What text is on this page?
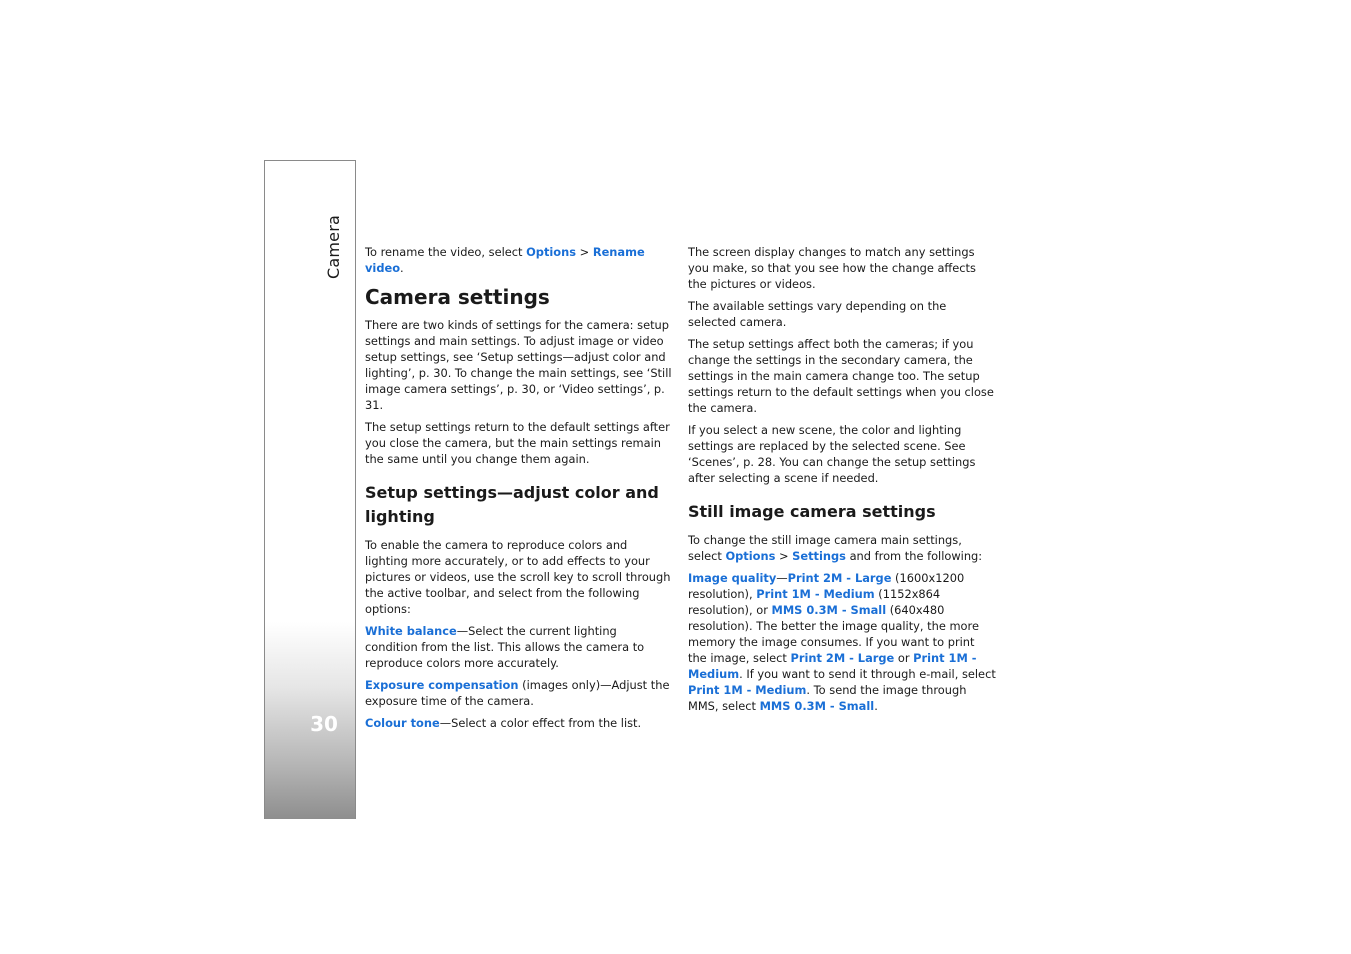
Camera
30

To rename the video, select Options > Rename video.

Camera settings

There are two kinds of settings for the camera: setup settings and main settings. To adjust image or video setup settings, see ‘Setup settings—adjust color and lighting’, p. 30. To change the main settings, see ‘Still image camera settings’, p. 30, or ‘Video settings’, p. 31.

The setup settings return to the default settings after you close the camera, but the main settings remain the same until you change them again.

Setup settings—adjust color and lighting

To enable the camera to reproduce colors and lighting more accurately, or to add effects to your pictures or videos, use the scroll key to scroll through the active toolbar, and select from the following options:

White balance—Select the current lighting condition from the list. This allows the camera to reproduce colors more accurately.

Exposure compensation (images only)—Adjust the exposure time of the camera.

Colour tone—Select a color effect from the list.

The screen display changes to match any settings you make, so that you see how the change affects the pictures or videos.

The available settings vary depending on the selected camera.

The setup settings affect both the cameras; if you change the settings in the secondary camera, the settings in the main camera change too. The setup settings return to the default settings when you close the camera.

If you select a new scene, the color and lighting settings are replaced by the selected scene. See ‘Scenes’, p. 28. You can change the setup settings after selecting a scene if needed.

Still image camera settings

To change the still image camera main settings, select Options > Settings and from the following:

Image quality—Print 2M - Large (1600x1200 resolution), Print 1M - Medium (1152x864 resolution), or MMS 0.3M - Small (640x480 resolution). The better the image quality, the more memory the image consumes. If you want to print the image, select Print 2M - Large or Print 1M - Medium. If you want to send it through e-mail, select Print 1M - Medium. To send the image through MMS, select MMS 0.3M - Small.
